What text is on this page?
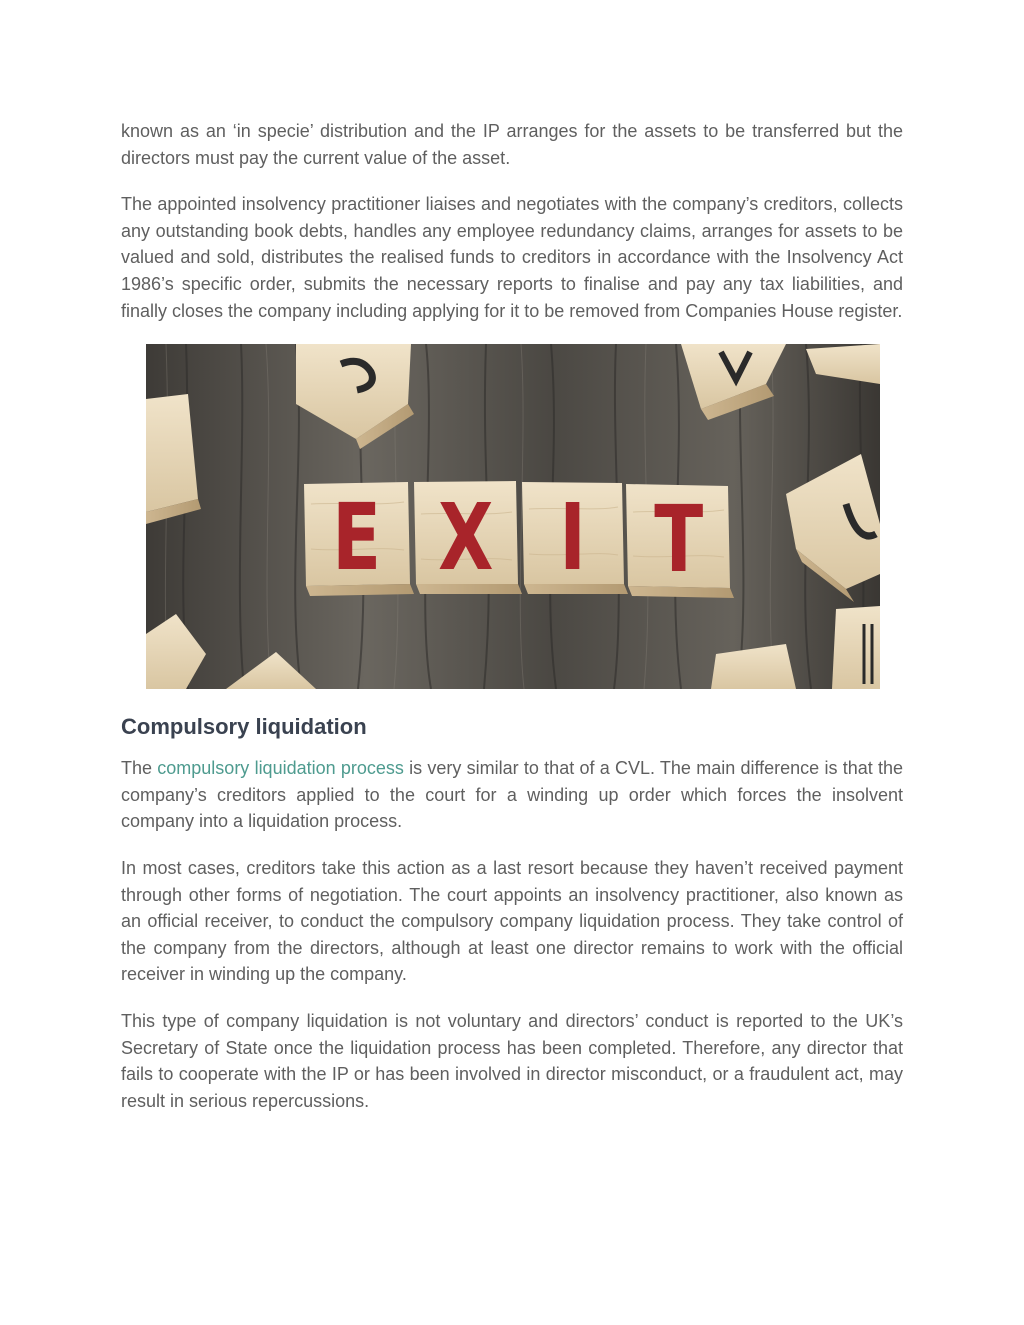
known as an ‘in specie’ distribution and the IP arranges for the assets to be transferred but the directors must pay the current value of the asset.

The appointed insolvency practitioner liaises and negotiates with the company’s creditors, collects any outstanding book debts, handles any employee redundancy claims, arranges for assets to be valued and sold, distributes the realised funds to creditors in accordance with the Insolvency Act 1986’s specific order, submits the necessary reports to finalise and pay any tax liabilities, and finally closes the company including applying for it to be removed from Companies House register.

E X I T
Compulsory liquidation

The compulsory liquidation process is very similar to that of a CVL. The main difference is that the company’s creditors applied to the court for a winding up order which forces the insolvent company into a liquidation process.

In most cases, creditors take this action as a last resort because they haven’t received payment through other forms of negotiation. The court appoints an insolvency practitioner, also known as an official receiver, to conduct the compulsory company liquidation process. They take control of the company from the directors, although at least one director remains to work with the official receiver in winding up the company.

This type of company liquidation is not voluntary and directors’ conduct is reported to the UK’s Secretary of State once the liquidation process has been completed. Therefore, any director that fails to cooperate with the IP or has been involved in director misconduct, or a fraudulent act, may result in serious repercussions.
